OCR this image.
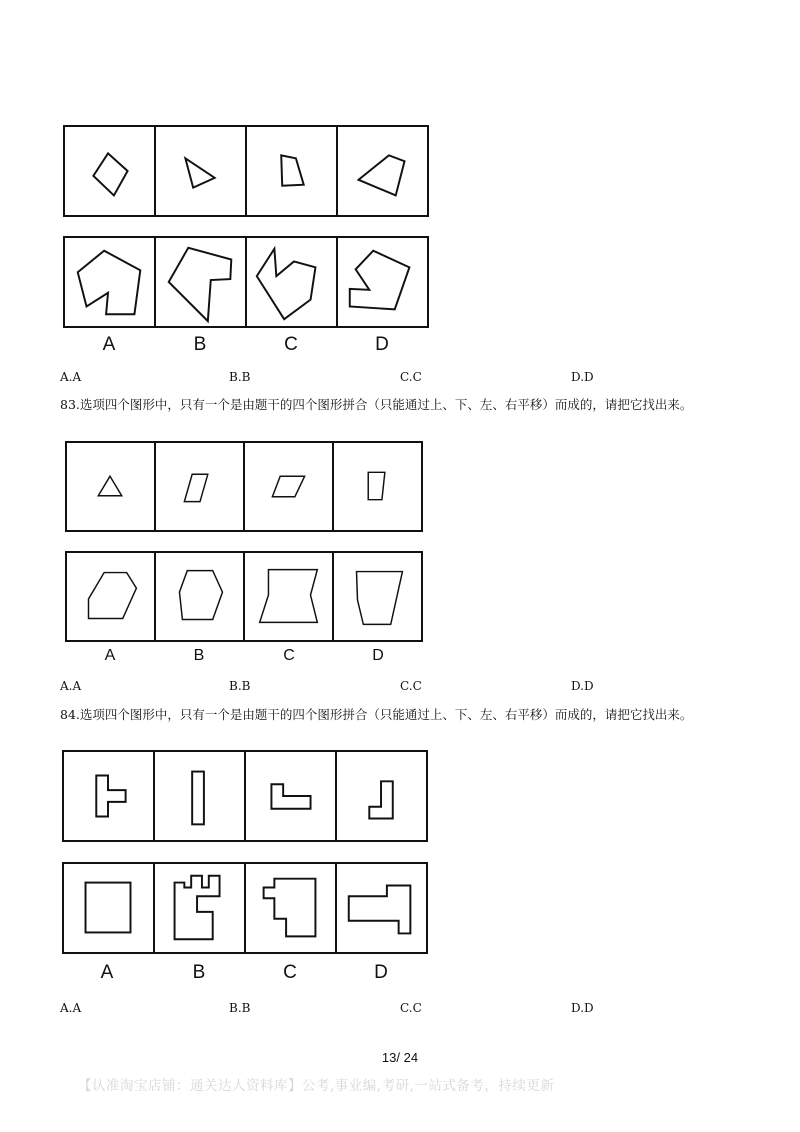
A	B	C	D
A.A	B.B	C.C	D.D
83.选项四个图形中，只有一个是由题干的四个图形拼合（只能通过上、下、左、右平移）而成的，请把它找出来。
A	B	C	D
A.A	B.B	C.C	D.D
84.选项四个图形中，只有一个是由题干的四个图形拼合（只能通过上、下、左、右平移）而成的，请把它找出来。
A	B	C	D
A.A	B.B	C.C	D.D
13/ 24
【认准淘宝店铺：通关达人资料库】公考,事业编,考研,一站式备考，持续更新
